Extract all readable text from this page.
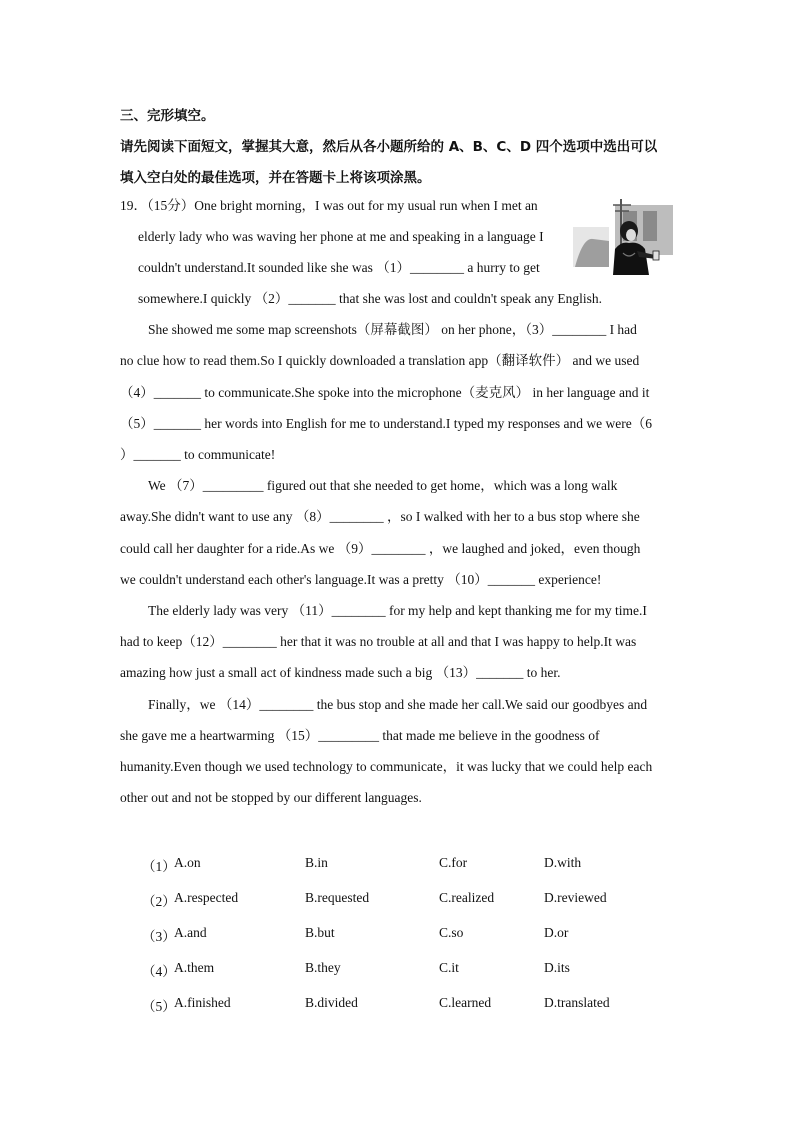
三、完形填空。
请先阅读下面短文，掌握其大意，然后从各小题所给的 A、B、C、D 四个选项中选出可以
填入空白处的最佳选项，并在答题卡上将该项涂黑。
19．（15分）One bright morning，I was out for my usual run when I met an
elderly lady who was waving her phone at me and speaking in a language I
couldn't understand.It sounded like she was （1）________ a hurry to get
somewhere.I quickly （2）_______ that she was lost and couldn't speak any English.
She showed me some map screenshots（屏幕截图） on her phone，（3）________ I had
no clue how to read them.So I quickly downloaded a translation app（翻译软件） and we used
（4）_______ to communicate.She spoke into the microphone（麦克风） in her language and it
（5）_______ her words into English for me to understand.I typed my responses and we were（6
）_______ to communicate!
We （7）_________ figured out that she needed to get home，which was a long walk
away.She didn't want to use any （8）________ ，so I walked with her to a bus stop where she
could call her daughter for a ride.As we （9）________ ，we laughed and joked，even though
we couldn't understand each other's language.It was a pretty （10）_______ experience!
The elderly lady was very （11）________ for my help and kept thanking me for my time.I
had to keep（12）________ her that it was no trouble at all and that I was happy to help.It was
amazing how just a small act of kindness made such a big （13）_______ to her.
Finally，we （14）________ the bus stop and she made her call.We said our goodbyes and
she gave me a heartwarming （15）_________ that made me believe in the goodness of
humanity.Even though we used technology to communicate，it was lucky that we could help each
other out and not be stopped by our different languages.
（1）
A.on	B.in	C.for	D.with
（2）
A.respected	B.requested	C.realized	D.reviewed
（3）
A.and	B.but	C.so	D.or
（4）
A.them	B.they	C.it	D.its
（5）
A.finished	B.divided	C.learned	D.translated
